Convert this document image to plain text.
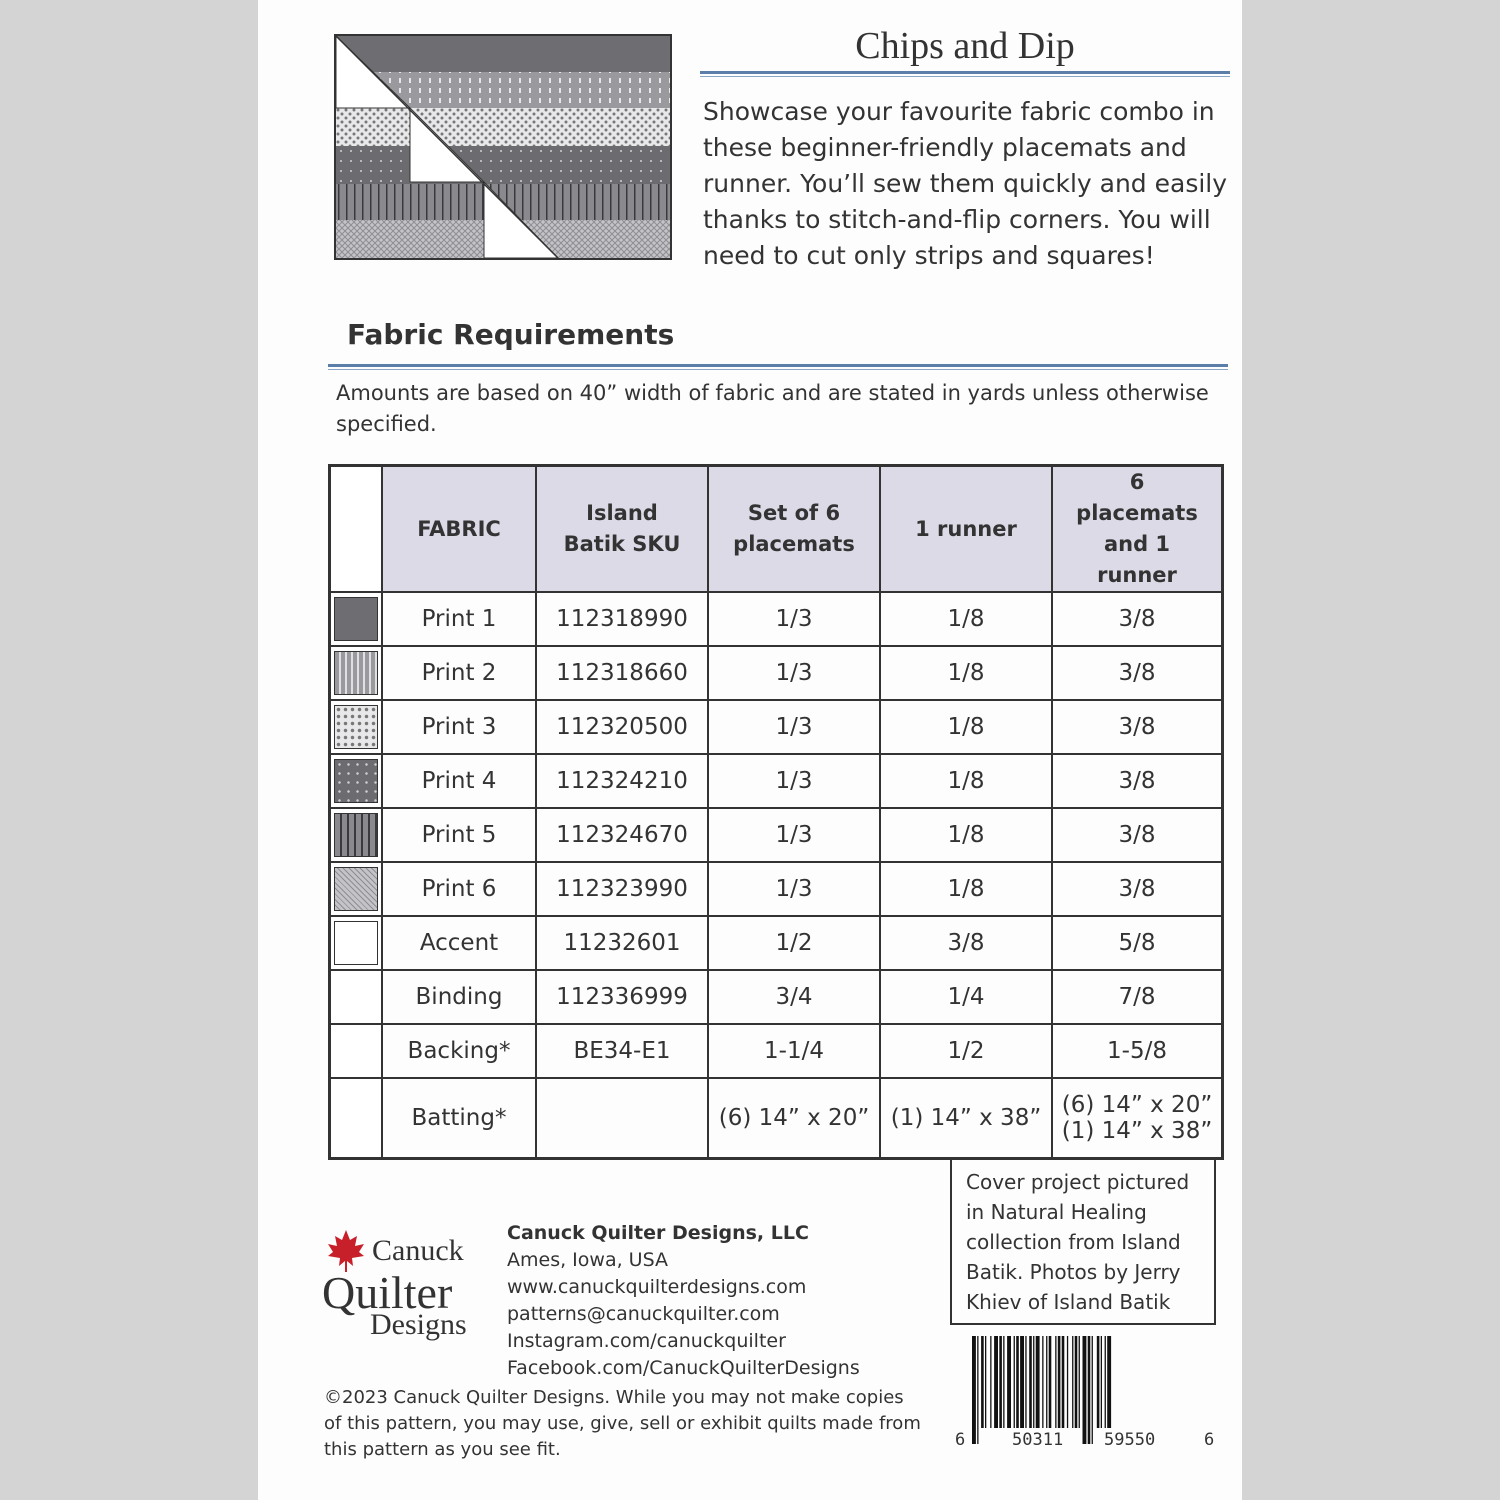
Chips and Dip
Showcase your favourite fabric combo in these beginner-friendly placemats and runner. You’ll sew them quickly and easily thanks to stitch-and-flip corners. You will need to cut only strips and squares!
Fabric Requirements
Amounts are based on 40” width of fabric and are stated in yards unless otherwise specified.
	FABRIC	Island Batik SKU	Set of 6 placemats	1 runner	6 placemats and 1 runner

	Print 1	112318990	1/3	1/8	3/8

	Print 2	112318660	1/3	1/8	3/8

	Print 3	112320500	1/3	1/8	3/8

	Print 4	112324210	1/3	1/8	3/8

	Print 5	112324670	1/3	1/8	3/8

	Print 6	112323990	1/3	1/8	3/8

	Accent	11232601	1/2	3/8	5/8
	Binding	112336999	3/4	1/4	7/8
	Backing*	BE34-E1	1-1/4	1/2	1-5/8
	Batting*		(6) 14” x 20”	(1) 14” x 38”	(6) 14” x 20”
(1) 14” x 38”
Cover project pictured in Natural Healing collection from Island Batik. Photos by Jerry Khiev of Island Batik
Canuck
Quilter
Designs
Canuck Quilter Designs, LLC
Ames, Iowa, USA
www.canuckquilterdesigns.com
patterns@canuckquilter.com
Instagram.com/canuckquilter
Facebook.com/CanuckQuilterDesigns
©2023 Canuck Quilter Designs. While you may not make copies of this pattern, you may use, give, sell or exhibit quilts made from this pattern as you see fit.	6	50311 59550	6
